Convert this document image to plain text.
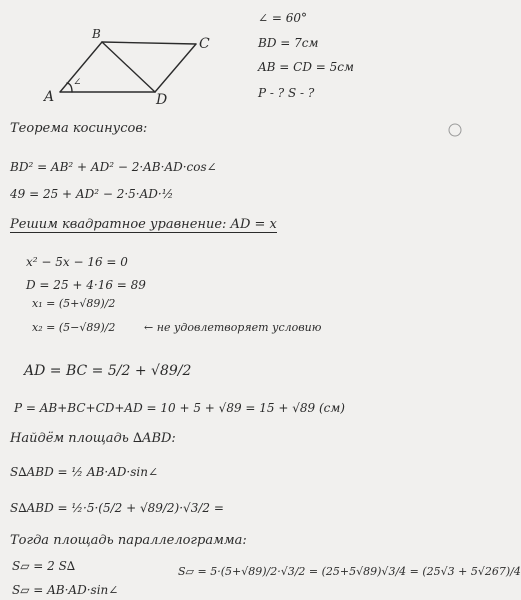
B
C
A	D
∠
∠ = 60°
BD = 7см
AB = CD = 5см
P - ? S - ?
Теорема косинусов:
BD² = AB² + AD² − 2·AB·AD·cos∠
49 = 25 + AD² − 2·5·AD·½
Решим квадратное уравнение: AD = x
x² − 5x − 16 = 0
D = 25 + 4·16 = 89
x₁ = (5+√89)/2
x₂ = (5−√89)/2	← не удовлетворяет условию
AD = BC = 5/2 + √89/2
P = AB+BC+CD+AD = 10 + 5 + √89 = 15 + √89 (см)
Найдём площадь ∆ABD:
S∆ABD = ½ AB·AD·sin∠
S∆ABD = ½·5·(5/2 + √89/2)·√3/2 =
Тогда площадь параллелограмма:
S▱ = 2 S∆
S▱ = AB·AD·sin∠
S▱ = 5·(5+√89)/2·√3/2 = (25+5√89)√3/4 = (25√3 + 5√267)/4
